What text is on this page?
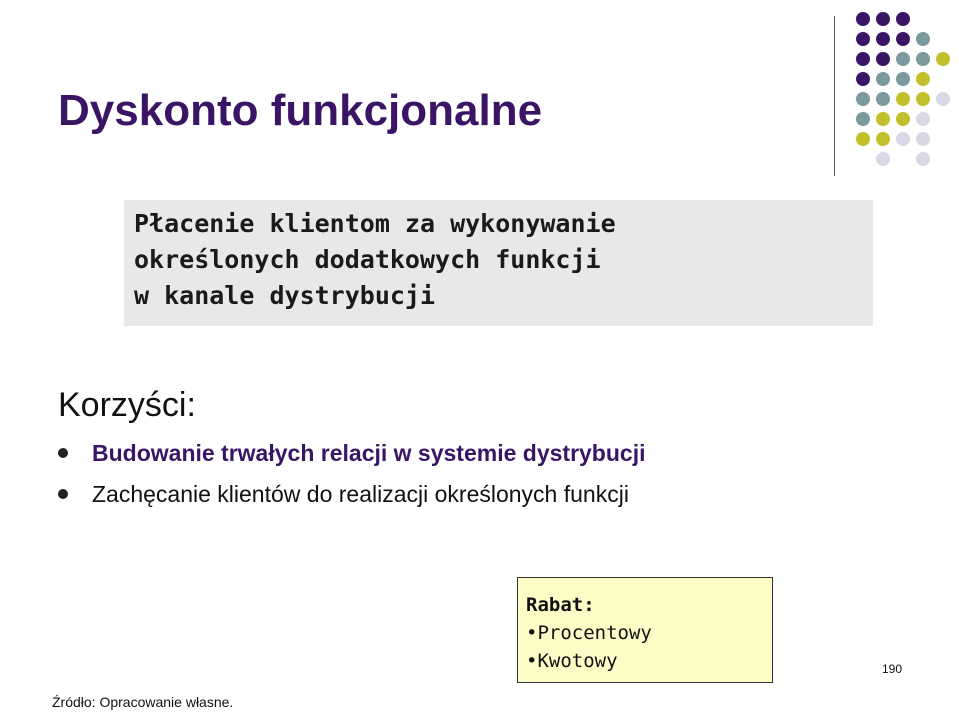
Dyskonto funkcjonalne
Płacenie klientom za wykonywanie
określonych dodatkowych funkcji
w kanale dystrybucji
Korzyści:
Budowanie trwałych relacji w systemie dystrybucji
Zachęcanie klientów do realizacji określonych funkcji
Rabat:
•Procentowy
•Kwotowy	190
Źródło: Opracowanie własne.
